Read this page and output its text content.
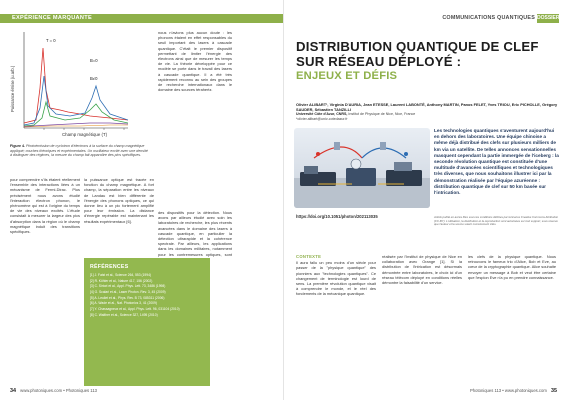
EXPÉRIENCE MARQUANTE
T = 0
B=0
B≠0
Puissance émise (u.arb.)
Champ magnétique (T)
Figure 4. Photoémission de cyclotron d'électrons à la surface du champ magnétique appliqué; courbes théoriques et expérimentales. Un oscillateur excité avec une densité à distinguer des régimes, la mesure du champ fait apparaître des pics spécifiques.

pour comprendre s'ils étaient réellement l'ensemble des interactions liées à un mécanisme de Fermi-Dirac. Plus précisément nous avons étudié l'interaction électron phonon, le phénomène qui est à l'origine du temps de vie des niveaux excités. L'étude consistait à mesurer la largeur des pics d'absorption dans la région où le champ magnétique induit des transitions spécifiques.

la puissance optique est tracée en fonction du champ magnétique. A fort champ, la séparation entre les niveaux de Landau est bien différente de l'énergie des phonons optiques, ce qui donne lieu à un pic fortement amplifié pour leur émission. La distance d'énergie repérable est maintenant les résultats expérimentaux [6].

nous n'avions plus aucun doute : les phonons étaient en effet responsables du seuil important des lasers à cascade quantique. C'était le premier dispositif permettant de limiter l'énergie des électrons ainsi que de mesurer les temps de vie. La théorie développée pour ce modèle se porte dans le travail des lasers à cascade quantique. Il a été très rapidement reconnu au sein des groupes de recherche internationaux dans le domaine des sources térahertz.

des dispositifs pour la détection. Nous avons par ailleurs étudié avec soin les laboratoires de recherche, les plus récents avancées dans le domaine des lasers à cascade quantique, en particulier la détection ultrarapide et la cohérence spectrale. Par ailleurs, les applications dans les domaines militaires, notamment pour les contremesures optiques, sont

RÉFÉRENCES
[1] J. Faist et al., Science 264, 553 (1994)
[2] R. Köhler et al., Nature 417, 156 (2002)
[3] C. Sirtori et al., Appl. Phys. Lett. 73, 3486 (1998)
[4] G. Scalari et al., Laser Photon. Rev. 3, 45 (2009)
[5] A. Leuliet et al., Phys. Rev. B 73, 085311 (2006)
[6] A. Wade et al., Nat. Photonics 3, 41 (2009)
[7] Y. Chassagneux et al., Appl. Phys. Lett. 96, 031104 (2010)
[8] C. Walther et al., Science 327, 1495 (2010)
34 www.photoniques.com • Photoniques 113
COMMUNICATIONS QUANTIQUES DOSSIER
DISTRIBUTION QUANTIQUE DE CLEF SUR RÉSEAU DÉPLOYÉ :
ENJEUX ET DÉFIS
Olivier ALIBART¹, Virginia D'AURIA, Jean ETESSE, Laurent LABONTÉ, Anthony MARTIN, Panos FELET, Yves TRIOU, Eric PICHOLLE, Grégory SAUDER, Sébastien TANZILLI
Université Côte d'Azur, CNRS, Institut de Physique de Nice, Nice, France
*olivier.alibart@univ-cotedazur.fr
Les technologies quantiques s'aventurent aujourd'hui en dehors des laboratoires. Une équipe chinoise a même déjà distribué des clefs sur plusieurs milliers de km via un satellite. De telles annonces sensationnelles masquent cependant la partie immergée de l'iceberg : la seconde révolution quantique est constituée d'une multitude d'avancées scientifiques et technologiques très diverses, que nous souhaitons illustrer ici par la démonstration réalisée par l'équipe azuréenne : distribution quantique de clef sur 50 km basée sur l'intrication.
https://doi.org/10.1051/photon/202113035	Article publié en accès libre sous les conditions définies par la licence Creative Commons Attribution (CC-BY). L'utilisation, la distribution et la reproduction sont autorisées sur tout support, sous réserve que l'auteur et la source soient correctement cités.
CONTEXTE

Il aura fallu un peu moins d'un siècle pour passer de la "physique quantique" des pionniers aux "technologies quantiques". Ce changement de terminologie est lourd de sens. La première révolution quantique visait à comprendre le monde, et le réel des fondements de la mécanique quantique.

réalisée par l'Institut de physique de Nice en collaboration avec Orange [1]. Si la distribution de l'intrication est désormais démontrée entre laboratoires, le choix ici d'un réseau télécom déployé en conditions réelles démontre la faisabilité d'un service.

les clefs de la physique quantique. Nous retrouvons le fameux trio d'Alice, Bob et Eve, au cœur de la cryptographie quantique. Alice souhaite envoyer un message à Bob et veut être certaine que l'espion Eve n'a pu en prendre connaissance.

Photoniques 113 • www.photoniques.com 35
